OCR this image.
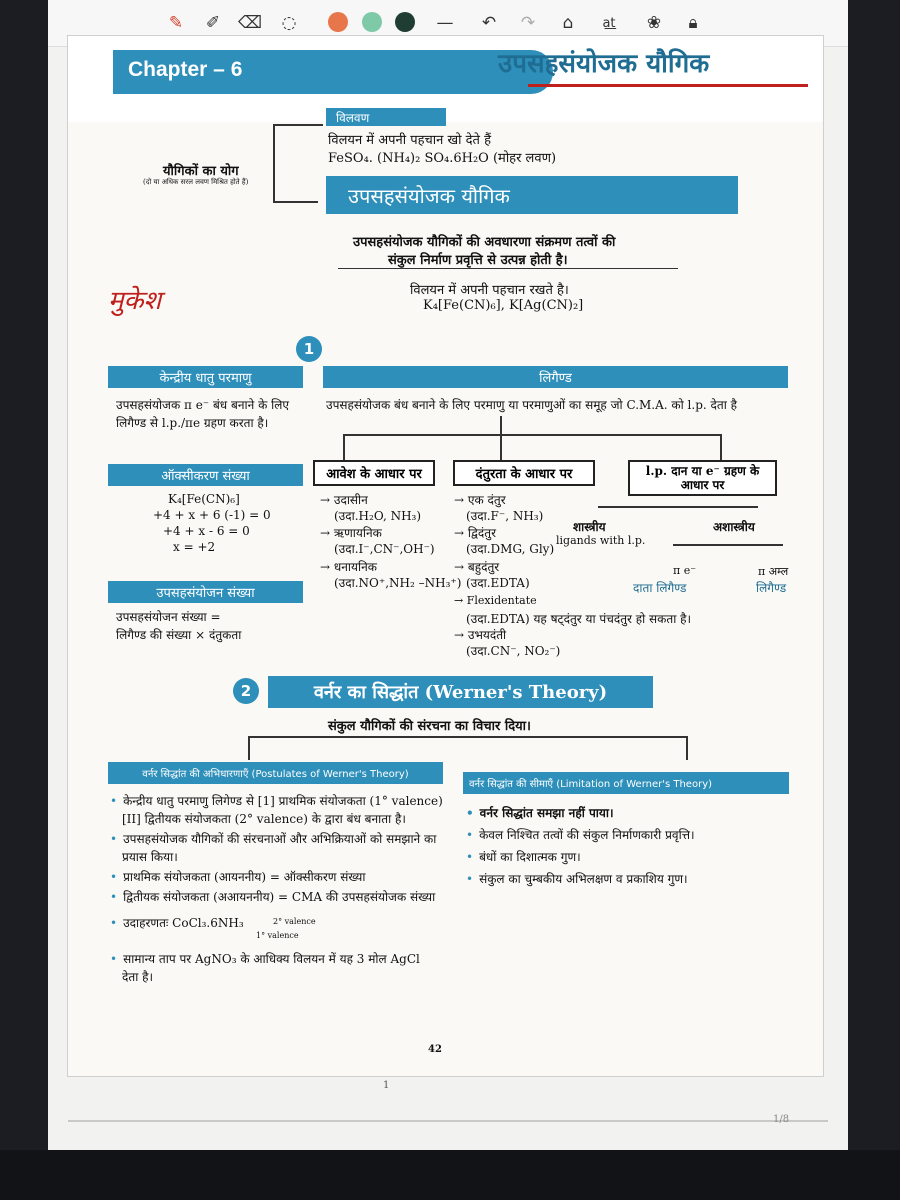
✎	✐	⌫	◌	—	↶	↷	⌂	a͟t	❀	🔒︎
Chapter – 6	उपसहसंयोजक यौगिक
यौगिकों का योग
(दो या अधिक सरल लवण मिश्रित होते हैं)
विलवण
विलयन में अपनी पहचान खो देते हैं
FeSO₄. (NH₄)₂ SO₄.6H₂O (मोहर लवण)
उपसहसंयोजक यौगिक
उपसहसंयोजक यौगिकों की अवधारणा संक्रमण तत्वों की
संकुल निर्माण प्रवृत्ति से उत्पन्न होती है।
विलयन में अपनी पहचान रखते है।
K₄[Fe(CN)₆], K[Ag(CN)₂]
मुकेश
1
केन्द्रीय धातु परमाणु
उपसहसंयोजक π e⁻ बंध बनाने के लिए
लिगैण्ड से l.p./πe ग्रहण करता है।
लिगैण्ड
उपसहसंयोजक बंध बनाने के लिए परमाणु या परमाणुओं का समूह जो C.M.A. को l.p. देता है
ऑक्सीकरण संख्या
K₄[Fe(CN)₆]
+4 + x + 6 (-1) = 0
+4 + x - 6 = 0
x = +2
उपसहसंयोजन संख्या
उपसहसंयोजन संख्या =
लिगैण्ड की संख्या × दंतुकता
आवेश के आधार पर
→ उदासीन
(उदा.H₂O, NH₃)
→ ऋणायनिक
(उदा.I⁻,CN⁻,OH⁻)
→ धनायनिक
(उदा.NO⁺,NH₂ –NH₃⁺)
दंतुरता के आधार पर
→ एक दंतुर
(उदा.F⁻, NH₃)
→ द्विदंतुर
(उदा.DMG, Gly)
→ बहुदंतुर
(उदा.EDTA)
→ Flexidentate
(उदा.EDTA) यह षट्दंतुर या पंचदंतुर हो सकता है।
→ उभयदंती
(उदा.CN⁻, NO₂⁻)
l.p. दान या e⁻ ग्रहण के आधार पर
शास्त्रीय
ligands with l.p.
अशास्त्रीय
π e⁻
दाता लिगैण्ड
π अम्ल
लिगैण्ड
2	वर्नर का सिद्धांत (Werner's Theory)
संकुल यौगिकों की संरचना का विचार दिया।
वर्नर सिद्धांत की अभिधारणाएँ (Postulates of Werner's Theory)
• केन्द्रीय धातु परमाणु लिगेण्ड से [1] प्राथमिक संयोजकता (1° valence)
[II] द्वितीयक संयोजकता (2° valence) के द्वारा बंध बनाता है।
• उपसहसंयोजक यौगिकों की संरचनाओं और अभिक्रियाओं को समझाने का
प्रयास किया।
• प्राथमिक संयोजकता (आयननीय) = ऑक्सीकरण संख्या
• द्वितीयक संयोजकता (अआयननीय) = CMA की उपसहसंयोजक संख्या
• उदाहरणतः CoCl₃.6NH₃	2° valence
1° valence
• सामान्य ताप पर AgNO₃ के आधिक्य विलयन में यह 3 मोल AgCl
देता है।
वर्नर सिद्धांत की सीमाएँ (Limitation of Werner's Theory)
• वर्नर सिद्धांत समझा नहीं पाया।
• केवल निश्चित तत्वों की संकुल निर्माणकारी प्रवृत्ति।
• बंधों का दिशात्मक गुण।
• संकुल का चुम्बकीय अभिलक्षण व प्रकाशिय गुण।
42
1
1/8
